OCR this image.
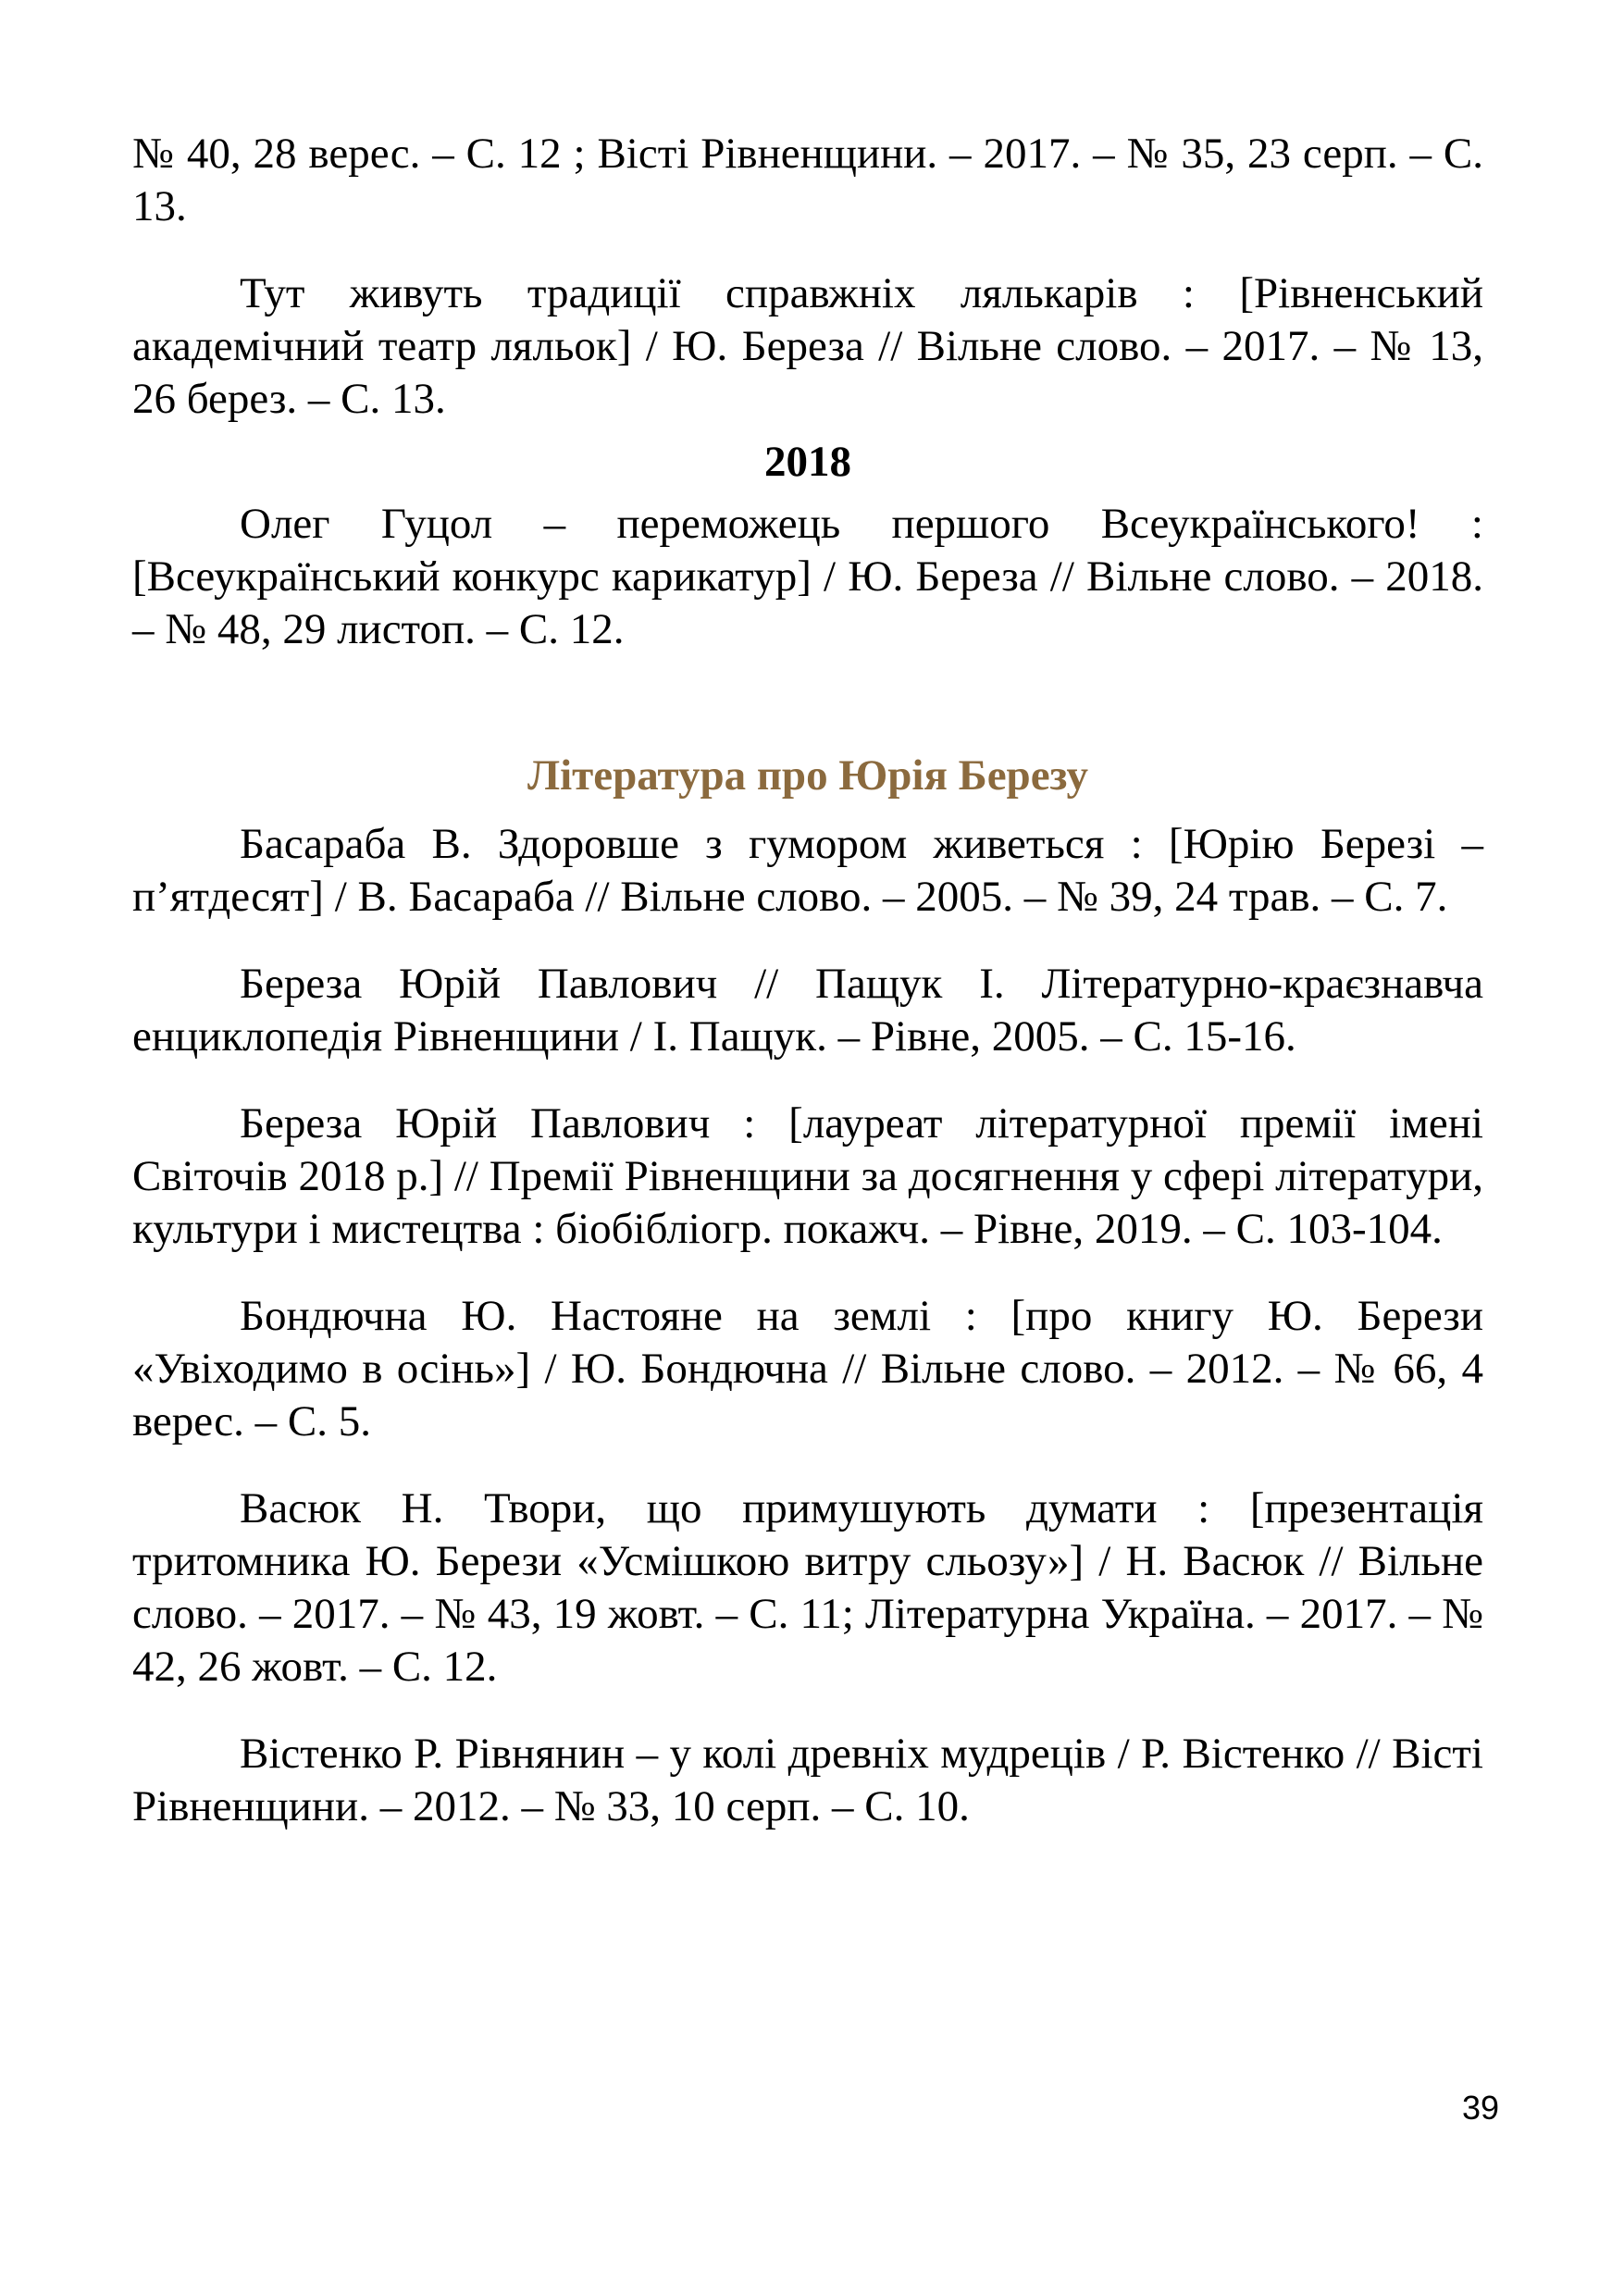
№ 40, 28 верес. – С. 12 ; Вісті Рівненщини. – 2017. – № 35, 23 серп. – С. 13.

Тут живуть традиції справжніх лялькарів : [Рівненський академічний театр ляльок] / Ю. Береза // Вільне слово. – 2017. – № 13, 26 берез. – С. 13.

2018

Олег Гуцол – переможець першого Всеукраїнського! : [Всеукраїнський конкурс карикатур] / Ю. Береза // Вільне слово. – 2018. – № 48, 29 листоп. – С. 12.

Література про Юрія Березу

Басараба В. Здоровше з гумором живеться : [Юрію Березі – п’ятдесят] / В. Басараба // Вільне слово. – 2005. – № 39, 24 трав. – С. 7.

Береза Юрій Павлович // Пащук І. Літературно-краєзнавча енциклопедія Рівненщини / І. Пащук. – Рівне, 2005. – С. 15-16.

Береза Юрій Павлович : [лауреат літературної премії імені Світочів 2018 р.] // Премії Рівненщини за досягнення у сфері літератури, культури і мистецтва : біобібліогр. покажч. – Рівне, 2019. – С. 103-104.

Бондючна Ю. Настояне на землі : [про книгу Ю. Берези «Увіходимо в осінь»] / Ю. Бондючна // Вільне слово. – 2012. – № 66, 4 верес. – С. 5.

Васюк Н. Твори, що примушують думати : [презентація тритомника Ю. Берези «Усмішкою витру сльозу»] / Н. Васюк // Вільне слово. – 2017. – № 43, 19 жовт. – С. 11; Літературна Україна. – 2017. – № 42, 26 жовт. – С. 12.

Вістенко Р. Рівнянин – у колі древніх мудреців / Р. Вістенко // Вісті Рівненщини. – 2012. – № 33, 10 серп. – С. 10.

39
